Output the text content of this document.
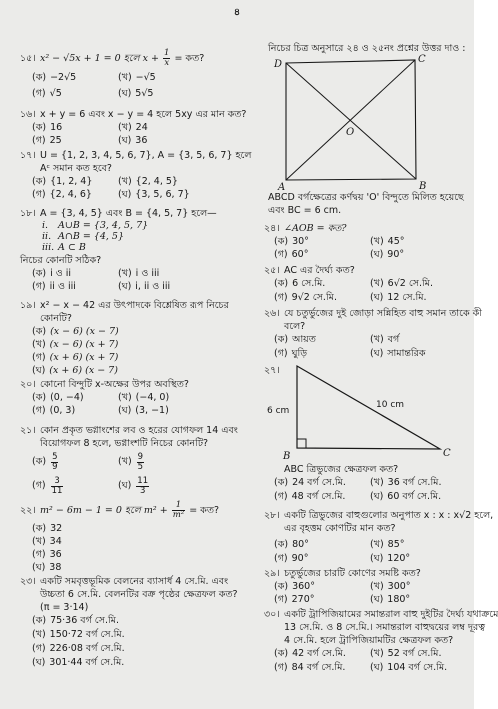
৪
১৫। x² − √5x + 1 = 0 হলে $x + \frac{1}{x}$ = কত?
(ক) −2√5	(খ) −√5
(গ) √5	(ঘ) 5√5
১৬। x + y = 6 এবং x − y = 4 হলে 5xy এর মান কত?
(ক) 16	(খ) 24
(গ) 25	(ঘ) 36
১৭। U = {1, 2, 3, 4, 5, 6, 7}, A = {3, 5, 6, 7} হলে
Aᶜ সমান কত হবে?
(ক) {1, 2, 4}	(খ) {2, 4, 5}
(গ) {2, 4, 6}	(ঘ) {3, 5, 6, 7}
১৮। A = {3, 4, 5} এবং B = {4, 5, 7} হলে—
i. A∪B = {3, 4, 5, 7}
ii. A∩B = {4, 5}
iii. A ⊂ B
নিচের কোনটি সঠিক?
(ক) i ও ii	(খ) i ও iii
(গ) ii ও iii	(ঘ) i, ii ও iii
১৯। x² − x − 42 এর উৎপাদকে বিশ্লেষিত রূপ নিচের
কোনটি?
(ক) (x − 6) (x − 7)
(খ) (x − 6) (x + 7)
(গ) (x + 6) (x + 7)
(ঘ) (x + 6) (x − 7)
২০। কোনো বিন্দুটি x-অক্ষের উপর অবস্থিত?
(ক) (0, −4)	(খ) (−4, 0)
(গ) (0, 3)	(ঘ) (3, −1)
২১। কোন প্রকৃত ভগ্নাংশের লব ও হরের যোগফল 14 এবং
বিয়োগফল 8 হলে, ভগ্নাংশটি নিচের কোনটি?
(ক) $\frac{5}{9}$	(খ) $\frac{9}{5}$
(গ) $\frac{3}{11}$	(ঘ) $\frac{11}{3}$
২২। m² − 6m − 1 = 0 হলে $m^2 + \frac{1}{\text{m²}}$ = কত?
(ক) 32
(খ) 34
(গ) 36
(ঘ) 38
২৩। একটি সমবৃত্তভূমিক বেলনের ব্যাসার্ধ 4 সে.মি. এবং
উচ্চতা 6 সে.মি. বেলনটির বক্র পৃষ্ঠের ক্ষেত্রফল কত?
(π = 3·14)
(ক) 75·36 বর্গ সে.মি.
(খ) 150·72 বর্গ সে.মি.
(গ) 226·08 বর্গ সে.মি.
(ঘ) 301·44 বর্গ সে.মি.
নিচের চিত্র অনুসারে ২৪ ও ২৫নং প্রশ্নের উত্তর দাও :
D	C
A	B
O
ABCD বর্গক্ষেত্রের কর্ণদ্বয় 'O' বিন্দুতে মিলিত হয়েছে
এবং BC = 6 cm.
২৪। ∠AOB = কত?
(ক) 30°	(খ) 45°
(গ) 60°	(ঘ) 90°
২৫। AC এর দৈর্ঘ্য কত?
(ক) 6 সে.মি.	(খ) 6√2 সে.মি.
(গ) 9√2 সে.মি.	(ঘ) 12 সে.মি.
২৬। যে চতুর্ভুজের দুই জোড়া সন্নিহিত বাহু সমান তাকে কী
বলে?
(ক) আয়ত	(খ) বর্গ
(গ) ঘুড়ি	(ঘ) সামান্তরিক
২৭।
6 cm
10 cm
B	C
ABC ত্রিভুজের ক্ষেত্রফল কত?
(ক) 24 বর্গ সে.মি.	(খ) 36 বর্গ সে.মি.
(গ) 48 বর্গ সে.মি.	(ঘ) 60 বর্গ সে.মি.
২৮। একটি ত্রিভুজের বাহুগুলোর অনুপাত x : x : x√2 হলে,
এর বৃহত্তম কোণটির মান কত?
(ক) 80°	(খ) 85°
(গ) 90°	(ঘ) 120°
২৯। চতুর্ভুজের চারটি কোণের সমষ্টি কত?
(ক) 360°	(খ) 300°
(গ) 270°	(ঘ) 180°
৩০। একটি ট্রাপিজিয়ামের সমান্তরাল বাহু দুইটির দৈর্ঘ্য যথাক্রমে
13 সে.মি. ও 8 সে.মি.। সমান্তরাল বাহুদ্বয়ের লম্ব দূরত্ব
4 সে.মি. হলে ট্রাপিজিয়ামটির ক্ষেত্রফল কত?
(ক) 42 বর্গ সে.মি.	(খ) 52 বর্গ সে.মি.
(গ) 84 বর্গ সে.মি.	(ঘ) 104 বর্গ সে.মি.
